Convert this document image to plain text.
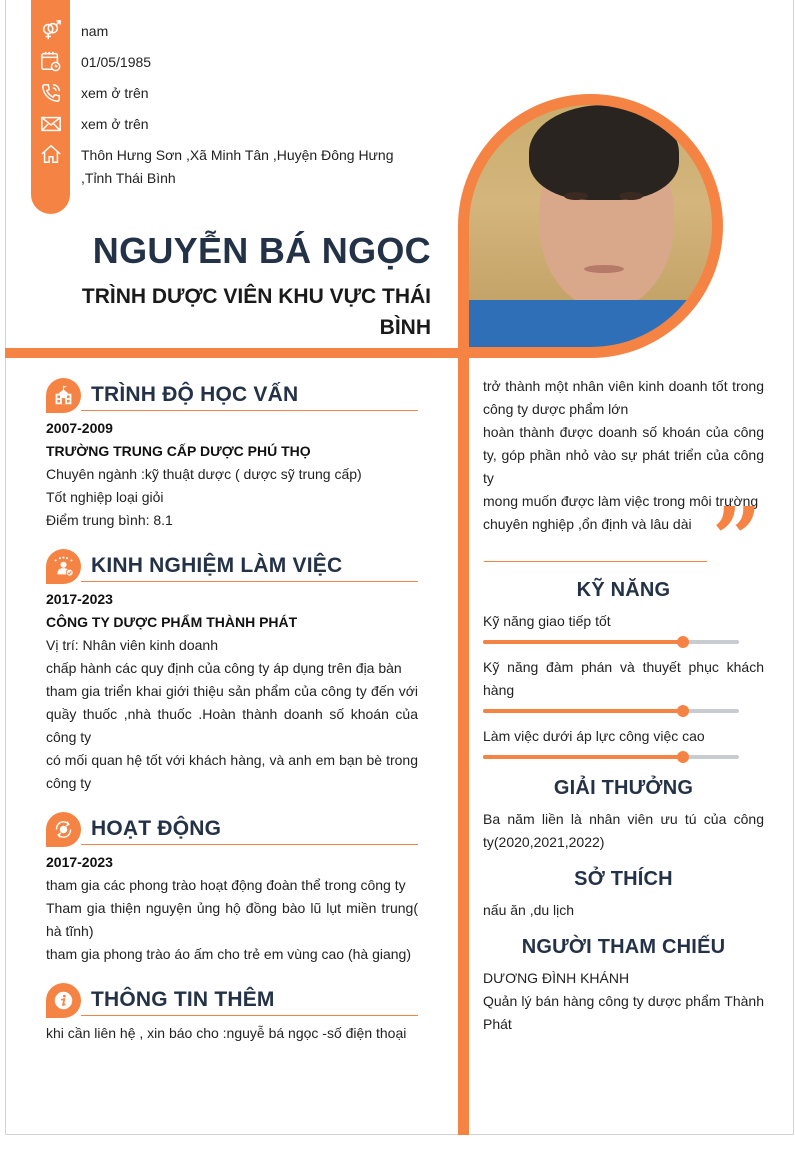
nam
01/05/1985
xem ở trên
xem ở trên
Thôn Hưng Sơn ,Xã Minh Tân ,Huyện Đông Hưng
,Tỉnh Thái Bình
NGUYỄN BÁ NGỌC
TRÌNH DƯỢC VIÊN KHU VỰC THÁI
BÌNH
TRÌNH ĐỘ HỌC VẤN
2007-2009
TRƯỜNG TRUNG CẤP DƯỢC PHÚ THỌ
Chuyên ngành :kỹ thuật dược ( dược sỹ trung cấp)
Tốt nghiệp loại giỏi
Điểm trung bình: 8.1
KINH NGHIỆM LÀM VIỆC
2017-2023
CÔNG TY DƯỢC PHẨM THÀNH PHÁT
Vị trí: Nhân viên kinh doanh
chấp hành các quy định của công ty áp dụng trên địa bàn
tham gia triển khai giới thiệu sản phẩm của công ty đến với quầy thuốc ,nhà thuốc .Hoàn thành doanh số khoán của công ty
có mối quan hệ tốt với khách hàng, và anh em bạn bè trong công ty
HOẠT ĐỘNG
2017-2023
tham gia các phong trào hoạt động đoàn thể trong công ty
Tham gia thiện nguyện ủng hộ đồng bào lũ lụt miền trung( hà tĩnh)
tham gia phong trào áo ấm cho trẻ em vùng cao (hà giang)
THÔNG TIN THÊM
khi cần liên hệ , xin báo cho :nguyễ bá ngọc -số điện thoại
trở thành một nhân viên kinh doanh tốt trong công ty dược phẩm lớn
hoàn thành được doanh số khoán của công ty, góp phần nhỏ vào sự phát triển của công ty
mong muốn được làm việc trong môi trường chuyên nghiệp ,ổn định và lâu dài ”
KỸ NĂNG
Kỹ năng giao tiếp tốt
Kỹ năng đàm phán và thuyết phục khách hàng
Làm việc dưới áp lực công việc cao
GIẢI THƯỞNG
Ba năm liền là nhân viên ưu tú của công ty(2020,2021,2022)
SỞ THÍCH
nấu ăn ,du lịch
NGƯỜI THAM CHIẾU
DƯƠNG ĐÌNH KHÁNH
Quản lý bán hàng công ty dược phẩm Thành Phát
